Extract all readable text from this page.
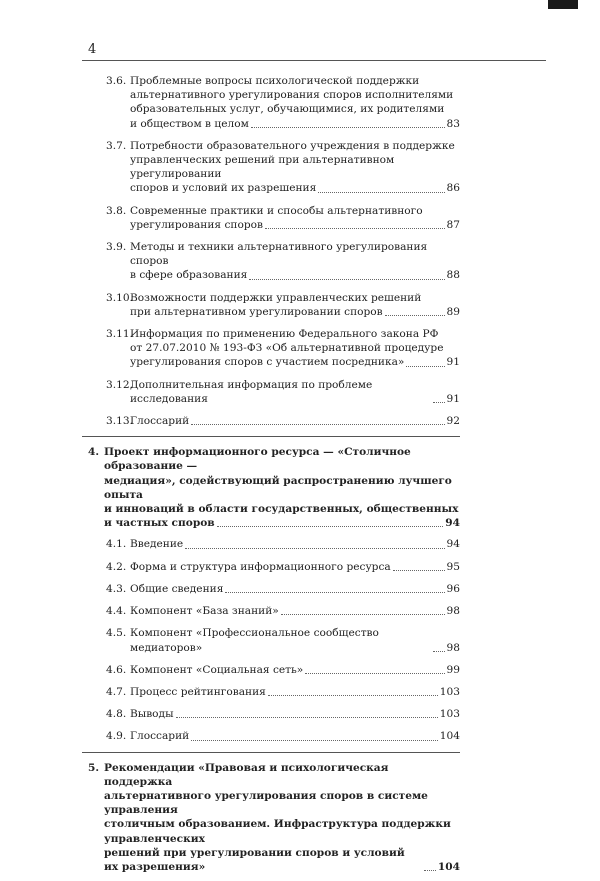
4
3.6. Проблемные вопросы психологической поддержки
альтернативного урегулирования споров исполнителями
образовательных услуг, обучающимися, их родителями
и обществом в целом	83
3.7. Потребности образовательного учреждения в поддержке
управленческих решений при альтернативном урегулировании
споров и условий их разрешения	86
3.8. Современные практики и способы альтернативного
урегулирования споров	87
3.9. Методы и техники альтернативного урегулирования споров
в сфере образования	88
3.10.
Возможности поддержки управленческих решений
при альтернативном урегулировании споров	89
3.11.
Информация по применению Федерального закона РФ
от 27.07.2010 № 193-ФЗ «Об альтернативной процедуре
урегулирования споров с участием посредника»	91
3.12.
Дополнительная информация по проблеме исследования	91
3.13.
Глоссарий	92
4. Проект информационного ресурса — «Столичное образование —
медиация», содействующий распространению лучшего опыта
и инноваций в области государственных, общественных
и частных споров	94
4.1. Введение	94
4.2. Форма и структура информационного ресурса	95
4.3. Общие сведения	96
4.4. Компонент «База знаний»	98
4.5. Компонент «Профессиональное сообщество медиаторов»	98
4.6. Компонент «Социальная сеть»	99
4.7. Процесс рейтингования	103
4.8. Выводы	103
4.9. Глоссарий	104
5. Рекомендации «Правовая и психологическая поддержка
альтернативного урегулирования споров в системе управления
столичным образованием. Инфраструктура поддержки управленческих
решений при урегулировании споров и условий их разрешения»	104
